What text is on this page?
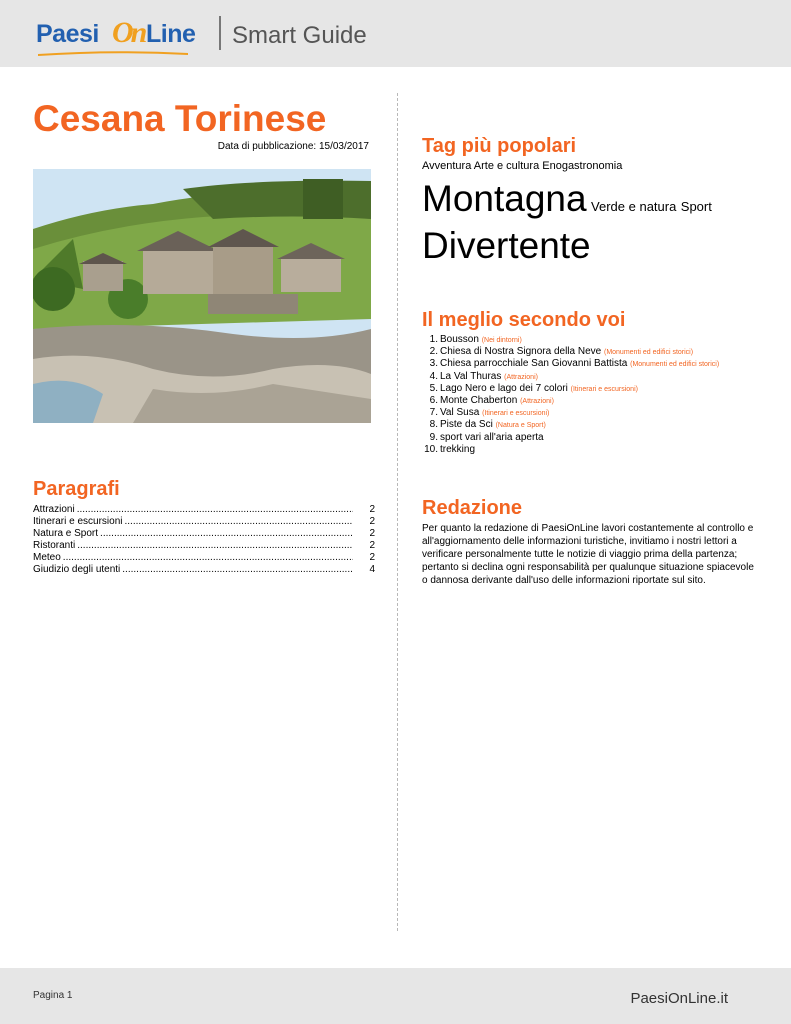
Paesi On Line Smart Guide
Cesana Torinese
Data di pubblicazione: 15/03/2017
Paragrafi
Attrazioni .....	2
Itinerari e escursioni .....	2
Natura e Sport .....	2
Ristoranti .....	2
Meteo .....	2
Giudizio degli utenti .....	4
Tag più popolari
Avventura Arte e cultura Enogastronomia
Montagna Verde e natura Sport
Divertente
Il meglio secondo voi
1. Bousson (Nei dintorni)
2. Chiesa di Nostra Signora della Neve (Monumenti ed edifici storici)
3. Chiesa parrocchiale San Giovanni Battista (Monumenti ed edifici storici)
4. La Val Thuras (Attrazioni)
5. Lago Nero e lago dei 7 colori (Itinerari e escursioni)
6. Monte Chaberton (Attrazioni)
7. Val Susa (Itinerari e escursioni)
8. Piste da Sci (Natura e Sport)
9. sport vari all'aria aperta
10. trekking
Redazione

Per quanto la redazione di PaesiOnLine lavori costantemente al controllo e all'aggiornamento delle informazioni turistiche, invitiamo i nostri lettori a verificare personalmente tutte le notizie di viaggio prima della partenza; pertanto si declina ogni responsabilità per qualunque situazione spiacevole o dannosa derivante dall'uso delle informazioni riportate sul sito.

Pagina 1	PaesiOnLine.it
